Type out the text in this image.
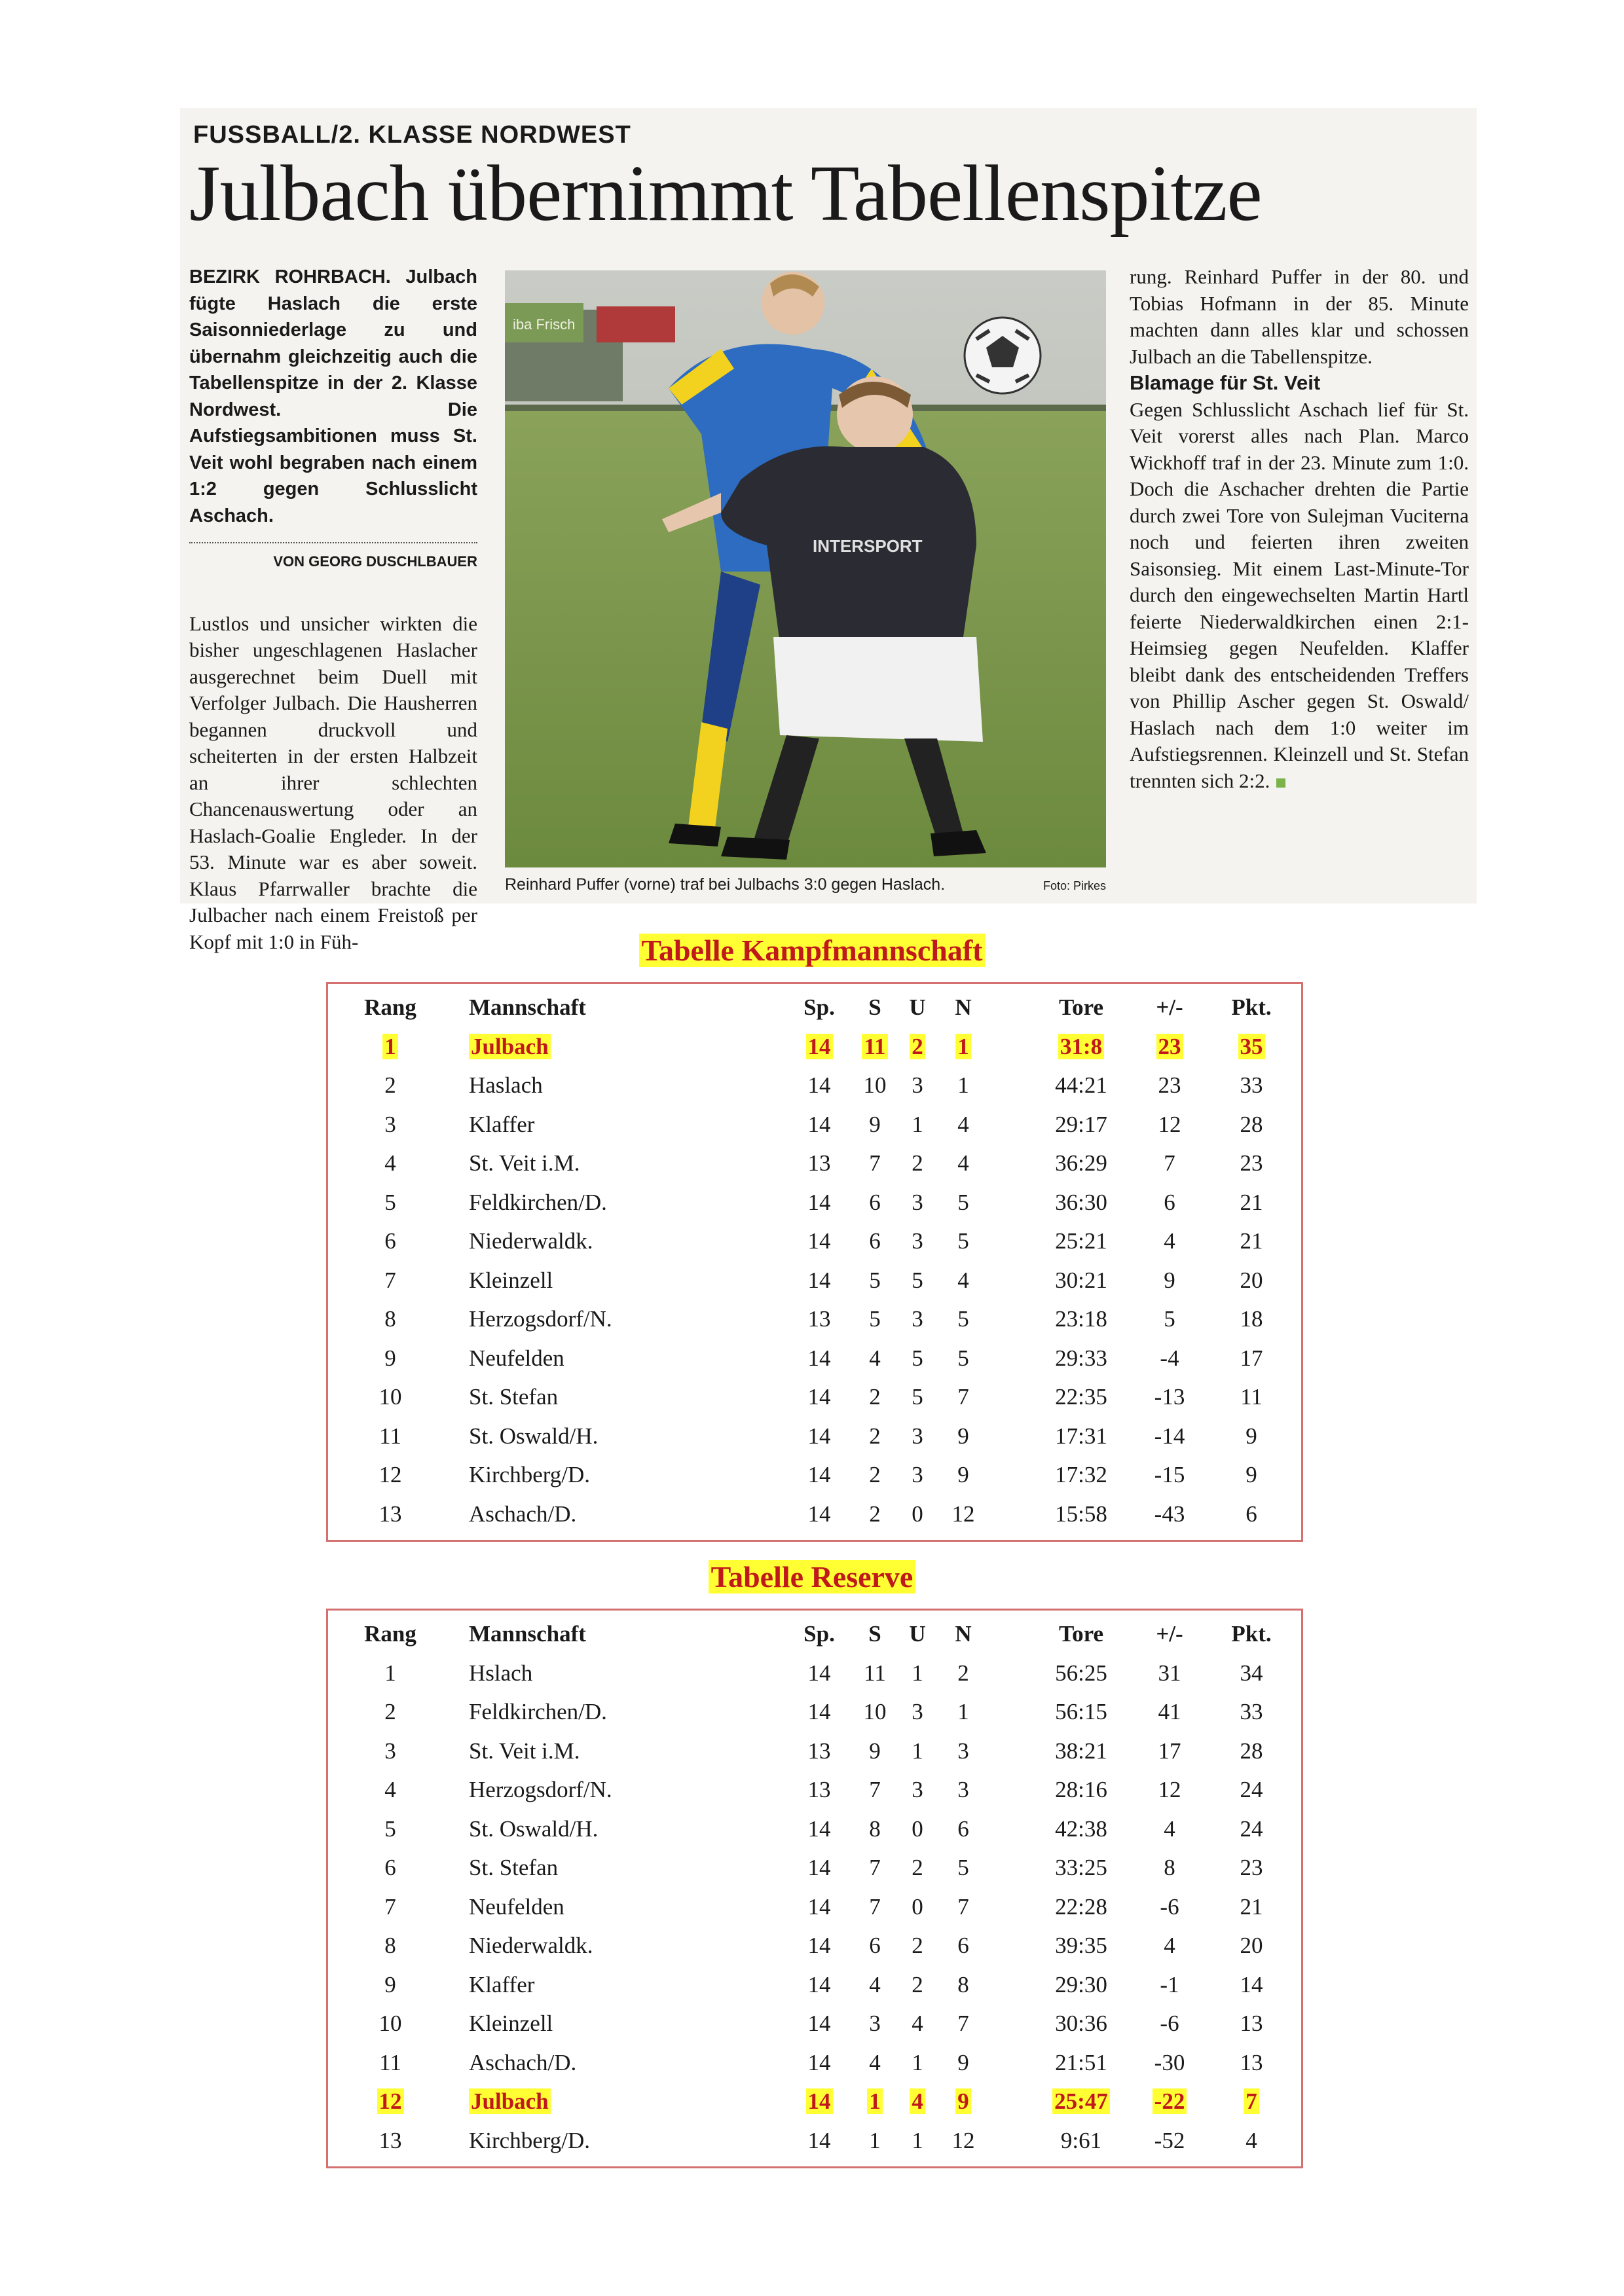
FUSSBALL/2. KLASSE NORDWEST
Julbach übernimmt Tabellenspitze

BEZIRK ROHRBACH. Julbach fügte Haslach die erste Saisonniederlage zu und übernahm gleichzeitig auch die Tabellenspitze in der 2. Klasse Nordwest. Die Aufstiegsambitionen muss St. Veit wohl begraben nach einem 1:2 gegen Schlusslicht Aschach.

VON GEORG DUSCHLBAUER

Lustlos und unsicher wirkten die bisher ungeschlagenen Haslacher ausgerechnet beim Duell mit Verfolger Julbach. Die Hausherren begannen druckvoll und scheiterten in der ersten Halbzeit an ihrer schlechten Chancenauswertung oder an Haslach-Goalie Engleder. In der 53. Minute war es aber soweit. Klaus Pfarrwaller brachte die Julbacher nach einem Freistoß per Kopf mit 1:0 in Füh-

iba Frisch
INTERSPORT
Reinhard Puffer (vorne) traf bei Julbachs 3:0 gegen Haslach.	Foto: Pirkes

rung. Reinhard Puffer in der 80. und Tobias Hofmann in der 85. Minute machten dann alles klar und schossen Julbach an die Tabellenspitze.

Blamage für St. Veit

Gegen Schlusslicht Aschach lief für St. Veit vorerst alles nach Plan. Marco Wickhoff traf in der 23. Minute zum 1:0. Doch die Aschacher drehten die Partie durch zwei Tore von Sulejman Vuciterna noch und feierten ihren zweiten Saisonsieg. Mit einem Last-Minute-Tor durch den eingewechselten Martin Hartl feierte Niederwaldkirchen einen 2:1-Heimsieg gegen Neufelden. Klaffer bleibt dank des entscheidenden Treffers von Phillip Ascher gegen St. Oswald/ Haslach nach dem 1:0 weiter im Aufstiegsrennen. Kleinzell und St. Stefan trennten sich 2:2.

Tabelle Kampfmannschaft
Rang	Mannschaft	Sp.	S	U	N	Tore	+/-	Pkt.
1	Julbach	14	11	2	1	31:8	23	35
2	Haslach	14	10	3	1	44:21	23	33
3	Klaffer	14	9	1	4	29:17	12	28
4	St. Veit i.M.	13	7	2	4	36:29	7	23
5	Feldkirchen/D.	14	6	3	5	36:30	6	21
6	Niederwaldk.	14	6	3	5	25:21	4	21
7	Kleinzell	14	5	5	4	30:21	9	20
8	Herzogsdorf/N.	13	5	3	5	23:18	5	18
9	Neufelden	14	4	5	5	29:33	-4	17
10	St. Stefan	14	2	5	7	22:35	-13	11
11	St. Oswald/H.	14	2	3	9	17:31	-14	9
12	Kirchberg/D.	14	2	3	9	17:32	-15	9
13	Aschach/D.	14	2	0	12	15:58	-43	6
Tabelle Reserve
Rang	Mannschaft	Sp.	S	U	N	Tore	+/-	Pkt.
1	Hslach	14	11	1	2	56:25	31	34
2	Feldkirchen/D.	14	10	3	1	56:15	41	33
3	St. Veit i.M.	13	9	1	3	38:21	17	28
4	Herzogsdorf/N.	13	7	3	3	28:16	12	24
5	St. Oswald/H.	14	8	0	6	42:38	4	24
6	St. Stefan	14	7	2	5	33:25	8	23
7	Neufelden	14	7	0	7	22:28	-6	21
8	Niederwaldk.	14	6	2	6	39:35	4	20
9	Klaffer	14	4	2	8	29:30	-1	14
10	Kleinzell	14	3	4	7	30:36	-6	13
11	Aschach/D.	14	4	1	9	21:51	-30	13
12	Julbach	14	1	4	9	25:47	-22	7
13	Kirchberg/D.	14	1	1	12	9:61	-52	4
